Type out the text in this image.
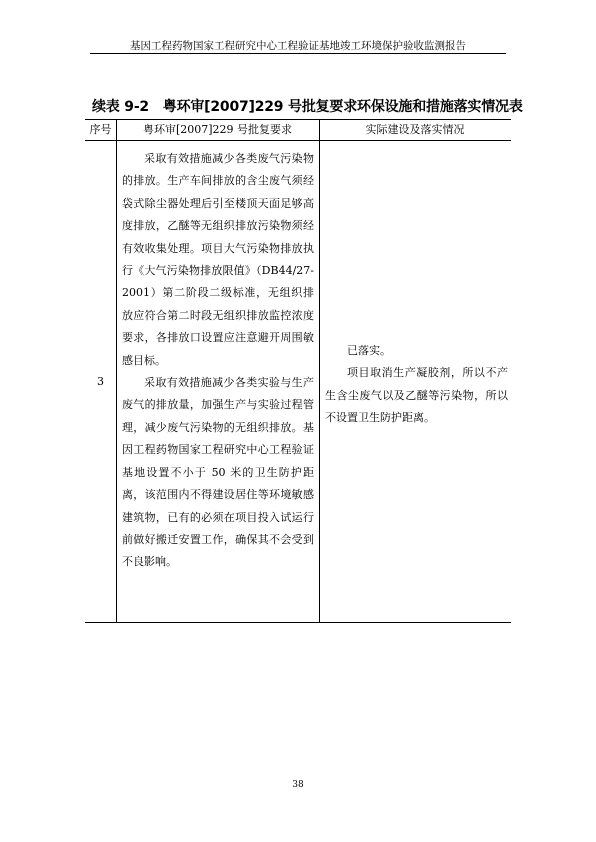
基因工程药物国家工程研究中心工程验证基地竣工环境保护验收监测报告
续表 9-2　粤环审[2007]229 号批复要求环保设施和措施落实情况表
序号	粤环审[2007]229 号批复要求	实际建设及落实情况
3

采取有效措施减少各类废气污染物的排放。生产车间排放的含尘废气须经袋式除尘器处理后引至楼顶天面足够高度排放，乙醚等无组织排放污染物须经有效收集处理。项目大气污染物排放执行《大气污染物排放限值》（DB44/27-2001）第二阶段二级标准，无组织排放应符合第二时段无组织排放监控浓度要求，各排放口设置应注意避开周围敏感目标。

采取有效措施减少各类实验与生产废气的排放量，加强生产与实验过程管理，减少废气污染物的无组织排放。基因工程药物国家工程研究中心工程验证基地设置不小于 50 米的卫生防护距离，该范围内不得建设居住等环境敏感建筑物，已有的必须在项目投入试运行前做好搬迁安置工作，确保其不会受到不良影响。

已落实。

项目取消生产凝胶剂，所以不产生含尘废气以及乙醚等污染物，所以不设置卫生防护距离。

38
